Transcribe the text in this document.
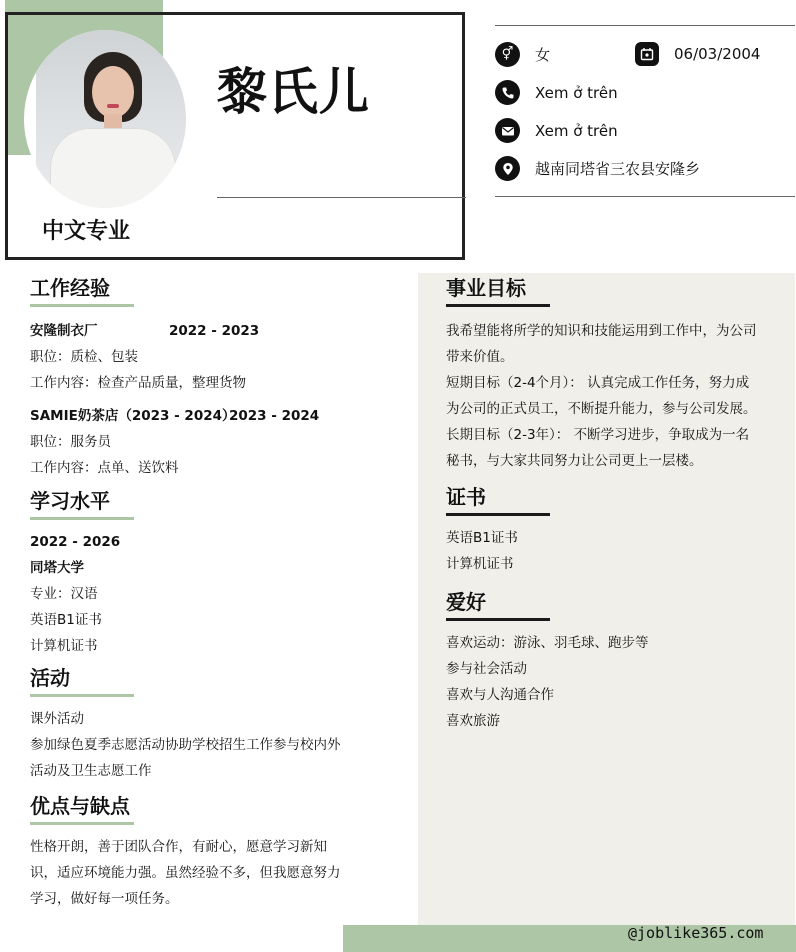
黎氏儿
中文专业
⚥	女	06/03/2004
Xem ở trên
Xem ở trên
越南同塔省三农县安隆乡
工作经验
安隆制衣厂	2022 - 2023
职位：质检、包装
工作内容：检查产品质量，整理货物
SAMIE奶茶店（2023 - 2024）
2023 - 2024
职位：服务员
工作内容：点单、送饮料
学习水平
2022 - 2026
同塔大学
专业：汉语
英语B1证书
计算机证书
活动
课外活动
参加绿色夏季志愿活动协助学校招生工作参与校内外
活动及卫生志愿工作
优点与缺点
性格开朗，善于团队合作，有耐心，愿意学习新知
识，适应环境能力强。虽然经验不多，但我愿意努力
学习，做好每一项任务。
事业目标
我希望能将所学的知识和技能运用到工作中，为公司
带来价值。
短期目标（2-4个月）： 认真完成工作任务，努力成
为公司的正式员工，不断提升能力，参与公司发展。
长期目标（2-3年）： 不断学习进步，争取成为一名
秘书，与大家共同努力让公司更上一层楼。
证书
英语B1证书
计算机证书
爱好
喜欢运动：游泳、羽毛球、跑步等
参与社会活动
喜欢与人沟通合作
喜欢旅游
@joblike365.com
